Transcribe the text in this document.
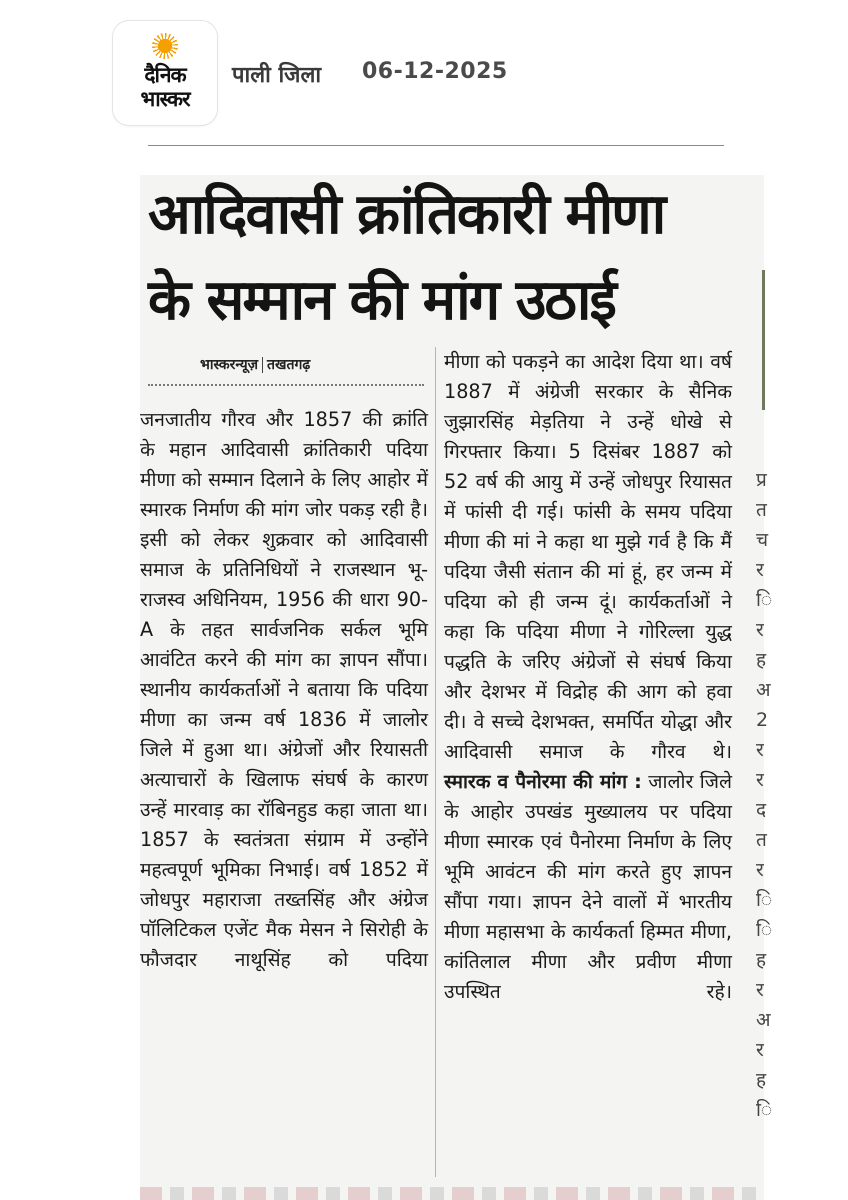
दैनिक
भास्कर
पाली जिला 06-12-2025
आदिवासी क्रांतिकारी मीणा
के सम्मान की मांग उठाई
भास्करन्यूज़ तखतगढ़
जनजातीय गौरव और 1857 की क्रांति के महान आदिवासी क्रांतिकारी पदिया मीणा को सम्मान दिलाने के लिए आहोर में स्मारक निर्माण की मांग जोर पकड़ रही है। इसी को लेकर शुक्रवार को आदिवासी समाज के प्रतिनिधियों ने राजस्थान भू-राजस्व अधिनियम, 1956 की धारा 90-A के तहत सार्वजनिक सर्कल भूमि आवंटित करने की मांग का ज्ञापन सौंपा।
स्थानीय कार्यकर्ताओं ने बताया कि पदिया मीणा का जन्म वर्ष 1836 में जालोर जिले में हुआ था। अंग्रेजों और रियासती अत्याचारों के खिलाफ संघर्ष के कारण उन्हें मारवाड़ का रॉबिनहुड कहा जाता था। 1857 के स्वतंत्रता संग्राम में उन्होंने महत्वपूर्ण भूमिका निभाई। वर्ष 1852 में जोधपुर महाराजा तख्तसिंह और अंग्रेज पॉलिटिकल एजेंट मैक मेसन ने सिरोही के फौजदार नाथूसिंह को पदिया
मीणा को पकड़ने का आदेश दिया था। वर्ष 1887 में अंग्रेजी सरकार के सैनिक जुझारसिंह मेड़तिया ने उन्हें धोखे से गिरफ्तार किया। 5 दिसंबर 1887 को 52 वर्ष की आयु में उन्हें जोधपुर रियासत में फांसी दी गई। फांसी के समय पदिया मीणा की मां ने कहा था मुझे गर्व है कि मैं पदिया जैसी संतान की मां हूं, हर जन्म में पदिया को ही जन्म दूं। कार्यकर्ताओं ने कहा कि पदिया मीणा ने गोरिल्ला युद्ध पद्धति के जरिए अंग्रेजों से संघर्ष किया और देशभर में विद्रोह की आग को हवा दी। वे सच्चे देशभक्त, समर्पित योद्धा और आदिवासी समाज के गौरव थे।
स्मारक व पैनोरमा की मांग : जालोर जिले के आहोर उपखंड मुख्यालय पर पदिया मीणा स्मारक एवं पैनोरमा निर्माण के लिए भूमि आवंटन की मांग करते हुए ज्ञापन सौंपा गया। ज्ञापन देने वालों में भारतीय मीणा महासभा के कार्यकर्ता हिम्मत मीणा, कांतिलाल मीणा और प्रवीण मीणा उपस्थित रहे।
प्र
त
च
र
ि
र
ह
अ
2
र
र
द
त
र
ि
ि
ह
र
अ
र
ह
ि
